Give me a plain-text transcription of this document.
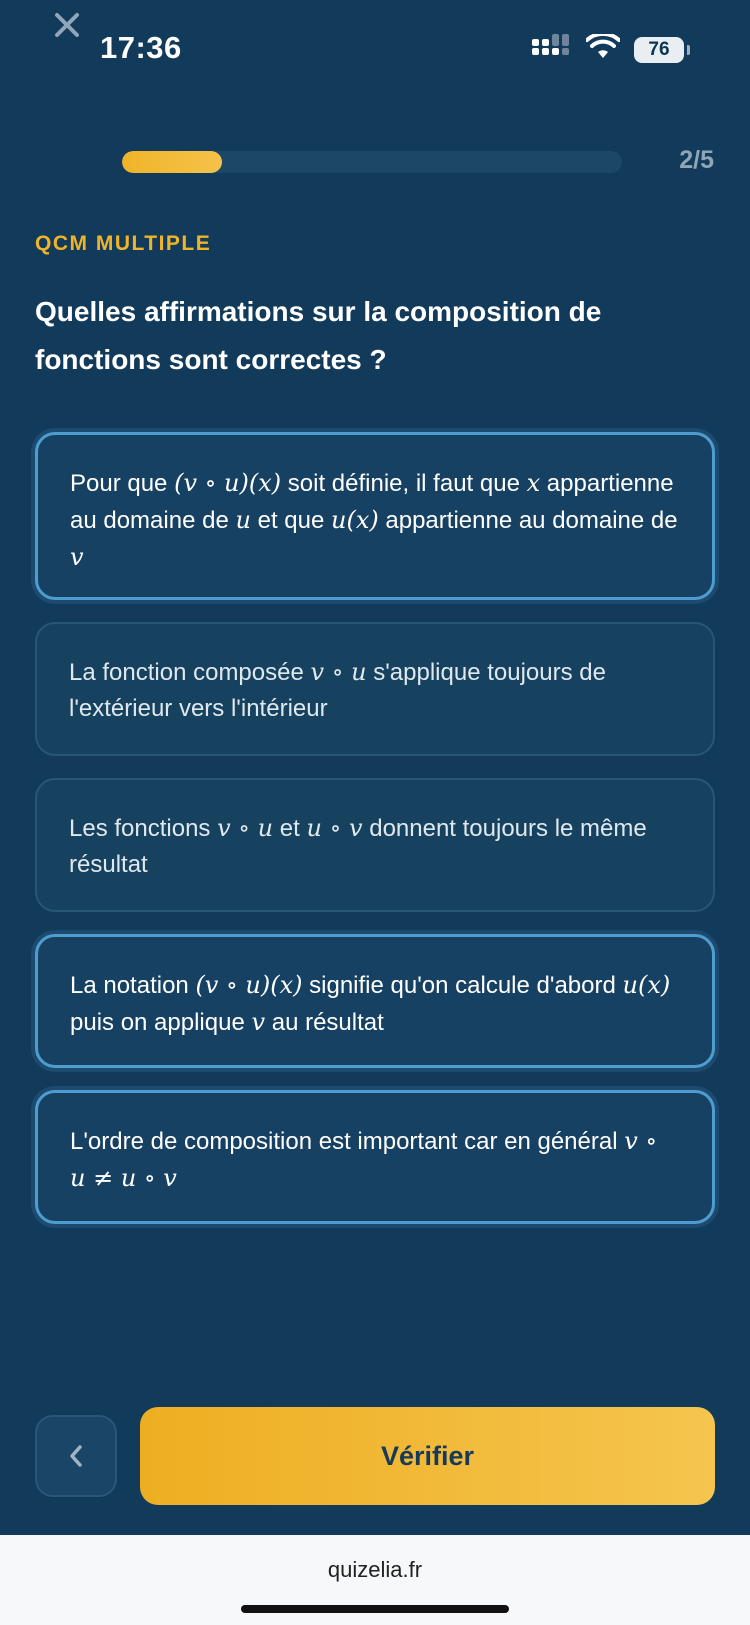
17:36	76
2/5
QCM MULTIPLE
Quelles affirmations sur la composition de fonctions sont correctes ?
Pour que (v ∘ u)(x) soit définie, il faut que x appartienne au domaine de u et que u(x) appartienne au domaine de v
La fonction composée v ∘ u s'applique toujours de l'extérieur vers l'intérieur
Les fonctions v ∘ u et u ∘ v donnent toujours le même résultat
La notation (v ∘ u)(x) signifie qu'on calcule d'abord u(x) puis on applique v au résultat
L'ordre de composition est important car en général v ∘ u ≠ u ∘ v
Vérifier
quizelia.fr
